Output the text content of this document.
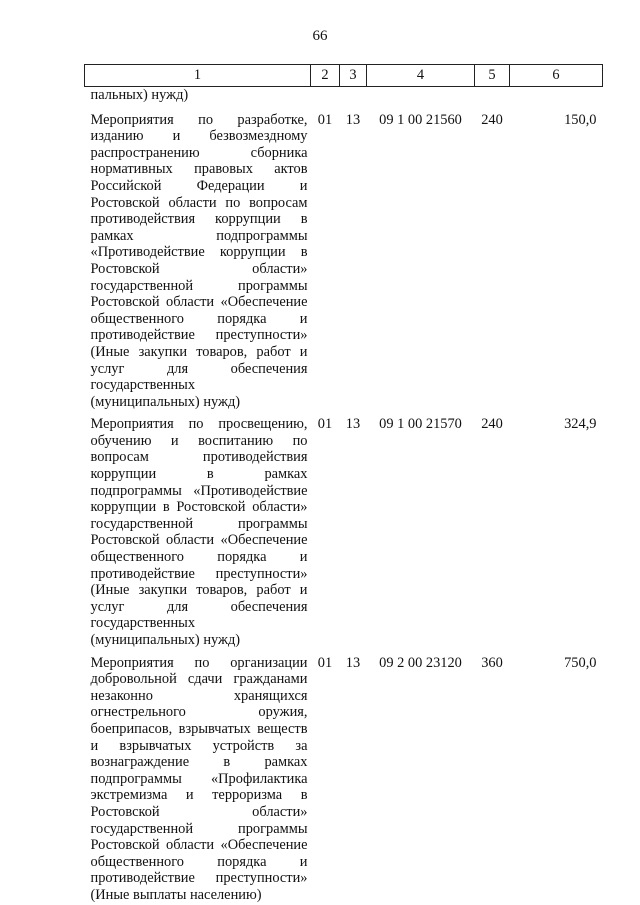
66
1	2	3	4	5	6
пальных) нужд)					
Мероприятия по разработке, изданию и безвозмездному распространению сборника нормативных правовых актов Российской Федерации и Ростовской области по вопросам противодействия коррупции в рамках подпрограммы «Противодействие коррупции в Ростовской области» государственной программы Ростовской области «Обеспечение общественного порядка и противодействие преступности» (Иные закупки товаров, работ и услуг для обеспечения государственных (муниципальных) нужд)	01	13	09 1 00 21560	240	150,0
Мероприятия по просвещению, обучению и воспитанию по вопросам противодействия коррупции в рамках подпрограммы «Противодействие коррупции в Ростовской области» государственной программы Ростовской области «Обеспечение общественного порядка и противодействие преступности» (Иные закупки товаров, работ и услуг для обеспечения государственных (муниципальных) нужд)	01	13	09 1 00 21570	240	324,9
Мероприятия по организации добровольной сдачи гражданами незаконно хранящихся огнестрельного оружия, боеприпасов, взрывчатых веществ и взрывчатых устройств за вознаграждение в рамках подпрограммы «Профилактика экстремизма и терроризма в Ростовской области» государственной программы Ростовской области «Обеспечение общественного порядка и противодействие преступности» (Иные выплаты населению)	01	13	09 2 00 23120	360	750,0
